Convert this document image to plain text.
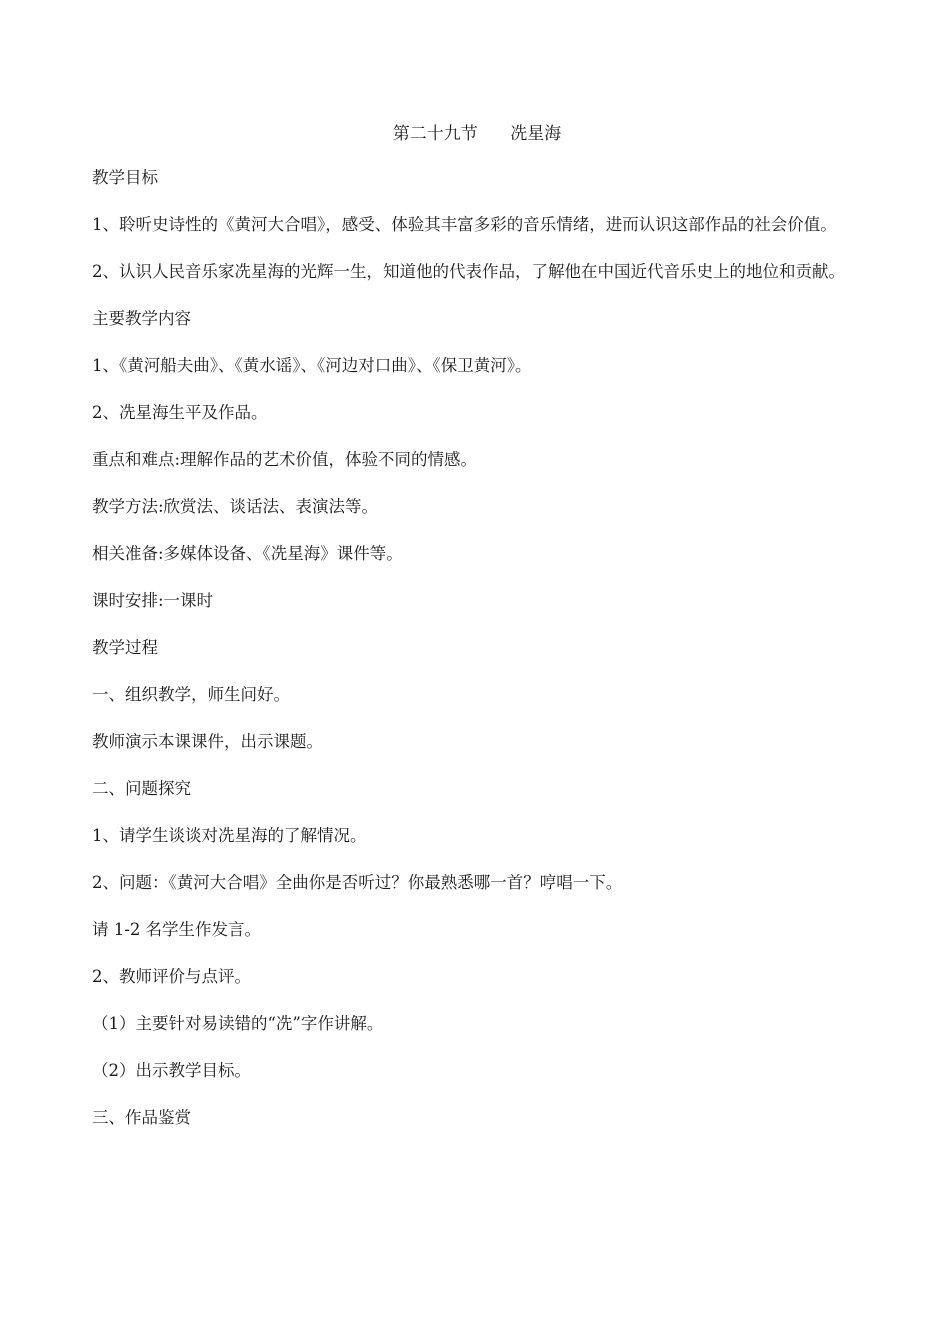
第二十九节      冼星海

教学目标

1、聆听史诗性的《黄河大合唱》，感受、体验其丰富多彩的音乐情绪，进而认识这部作品的社会价值。

2、认识人民音乐家冼星海的光辉一生，知道他的代表作品，了解他在中国近代音乐史上的地位和贡献。

主要教学内容

1、《黄河船夫曲》、《黄水谣》、《河边对口曲》、《保卫黄河》。

2、冼星海生平及作品。

重点和难点:理解作品的艺术价值，体验不同的情感。

教学方法:欣赏法、谈话法、表演法等。

相关准备:多媒体设备、《冼星海》课件等。

课时安排:一课时

教学过程

一、组织教学，师生问好。

教师演示本课课件，出示课题。

二、问题探究

1、请学生谈谈对冼星海的了解情况。

2、问题：《黄河大合唱》全曲你是否听过？你最熟悉哪一首？哼唱一下。

请 1-2 名学生作发言。

2、教师评价与点评。

（1）主要针对易读错的“冼”字作讲解。

（2）出示教学目标。

三、作品鉴赏
